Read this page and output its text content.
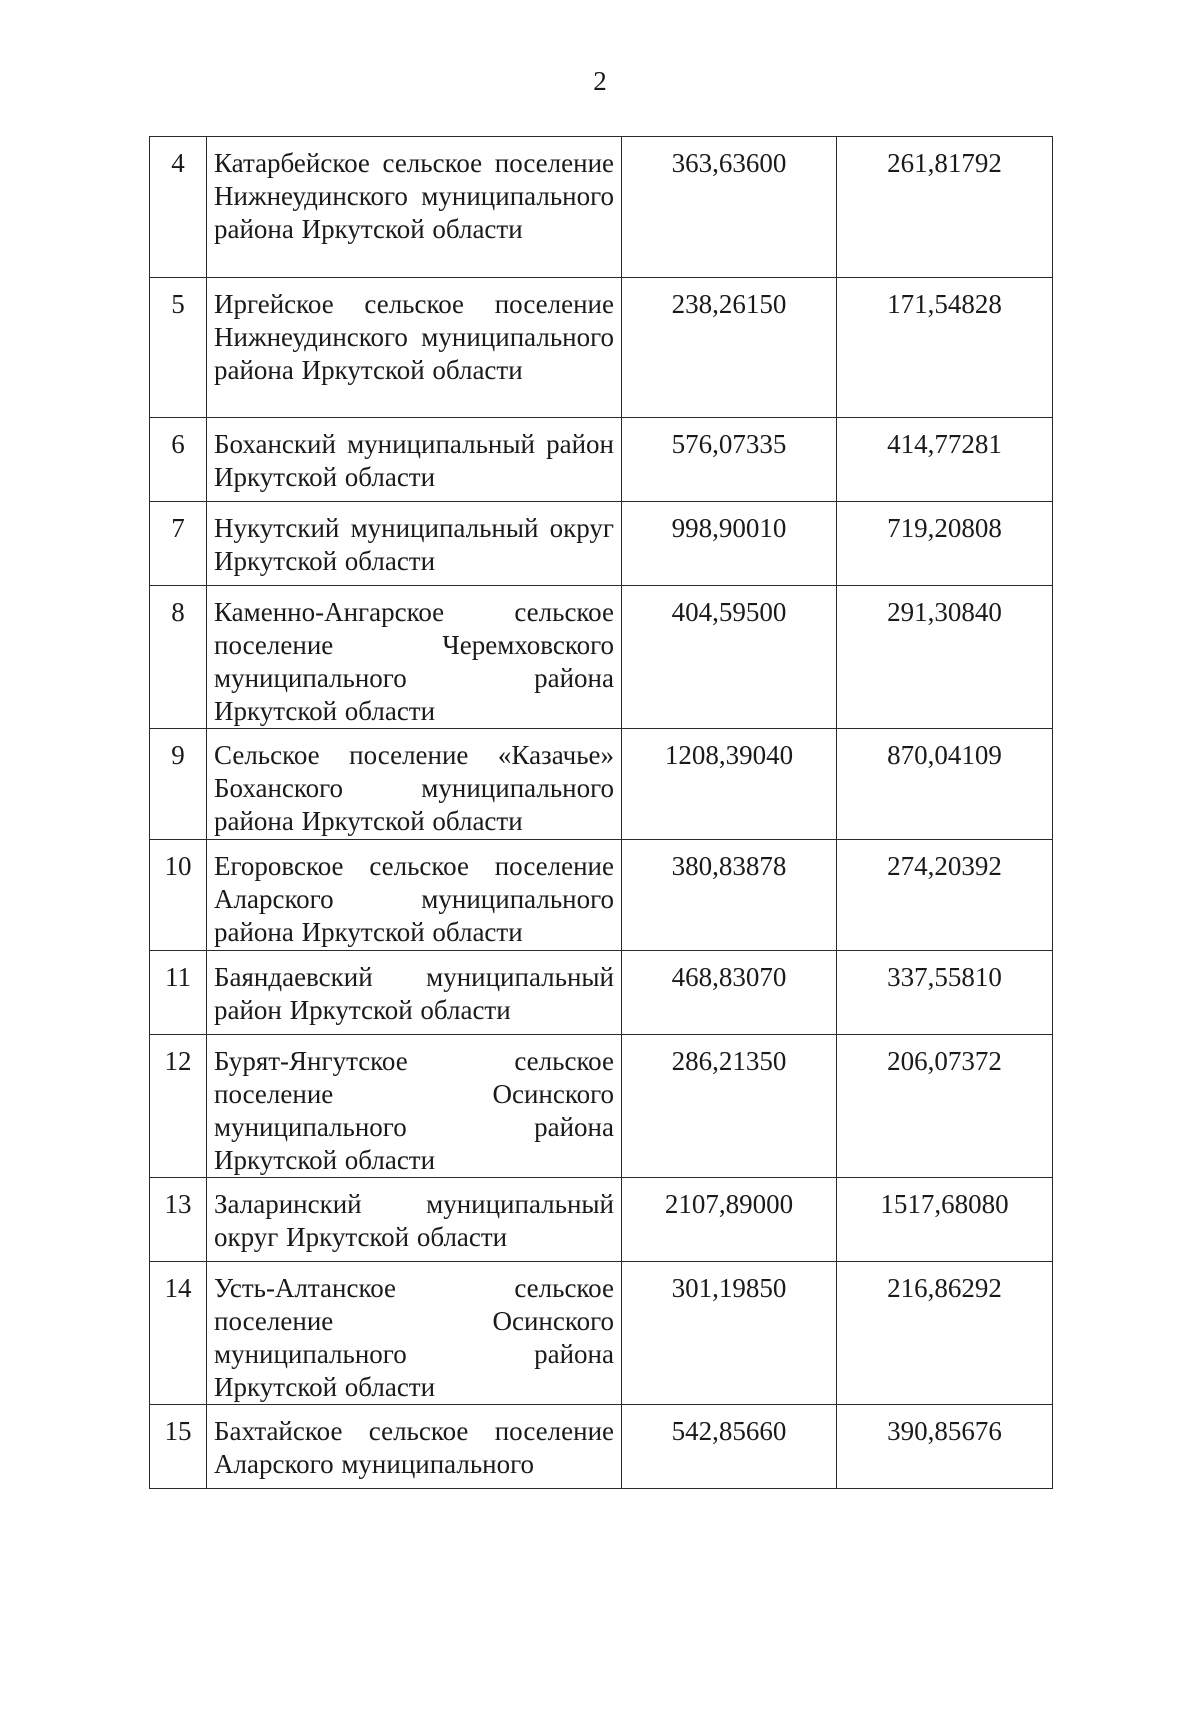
2
4	Катарбейское сельское поселение Нижнеудинского муниципального района Иркутской области	363,63600	261,81792
5	Иргейское сельское поселение Нижнеудинского муниципального района Иркутской области	238,26150	171,54828
6	Боханский муниципальный район Иркутской области	576,07335	414,77281
7	Нукутский муниципальный округ Иркутской области	998,90010	719,20808
8	Каменно-Ангарское сельское поселение Черемховского муниципального района Иркутской области	404,59500	291,30840
9	Сельское поселение «Казачье» Боханского муниципального района Иркутской области	1208,39040	870,04109
10	Егоровское сельское поселение Аларского муниципального района Иркутской области	380,83878	274,20392
11	Баяндаевский муниципальный район Иркутской области	468,83070	337,55810
12	Бурят-Янгутское сельское поселение Осинского муниципального района Иркутской области	286,21350	206,07372
13	Заларинский муниципальный округ Иркутской области	2107,89000	1517,68080
14	Усть-Алтанское сельское поселение Осинского муниципального района Иркутской области	301,19850	216,86292
15	Бахтайское сельское поселение Аларского муниципального	542,85660	390,85676
